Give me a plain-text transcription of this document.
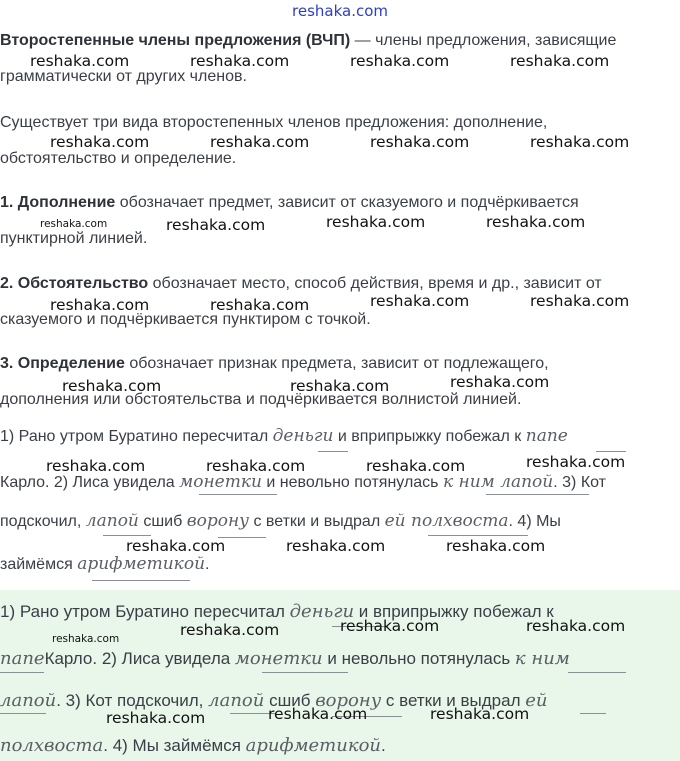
reshaka.com
Второстепенные члены предложения (ВЧП) — члены предложения, зависящие
грамматически от других членов.
Существует три вида второстепенных членов предложения: дополнение,
обстоятельство и определение.
1. Дополнение обозначает предмет, зависит от сказуемого и подчёркивается
пунктирной линией.
2. Обстоятельство обозначает место, способ действия, время и др., зависит от
сказуемого и подчёркивается пунктиром с точкой.
3. Определение обозначает признак предмета, зависит от подлежащего,
дополнения или обстоятельства и подчёркивается волнистой линией.
1) Рано утром Буратино пересчитал деньги и вприпрыжку побежал к папе
Карло. 2) Лиса увидела монетки и невольно потянулась к ним лапой. 3) Кот
подскочил, лапой сшиб ворону с ветки и выдрал ей полхвоста. 4) Мы
займёмся арифметикой.
1) Рано утром Буратино пересчитал деньги и вприпрыжку побежал к
папеКарло. 2) Лиса увидела монетки и невольно потянулась к ним
лапой. 3) Кот подскочил, лапой сшиб ворону с ветки и выдрал ей
полхвоста. 4) Мы займёмся арифметикой.
reshaka.com	reshaka.com	reshaka.com	reshaka.com
reshaka.com	reshaka.com	reshaka.com	reshaka.com
reshaka.com	reshaka.com	reshaka.com	reshaka.com
reshaka.com	reshaka.com	reshaka.com	reshaka.com
reshaka.com	reshaka.com	reshaka.com
reshaka.com	reshaka.com	reshaka.com	reshaka.com
reshaka.com	reshaka.com	reshaka.com
reshaka.com	reshaka.com	reshaka.com	reshaka.com
reshaka.com	reshaka.com	reshaka.com
